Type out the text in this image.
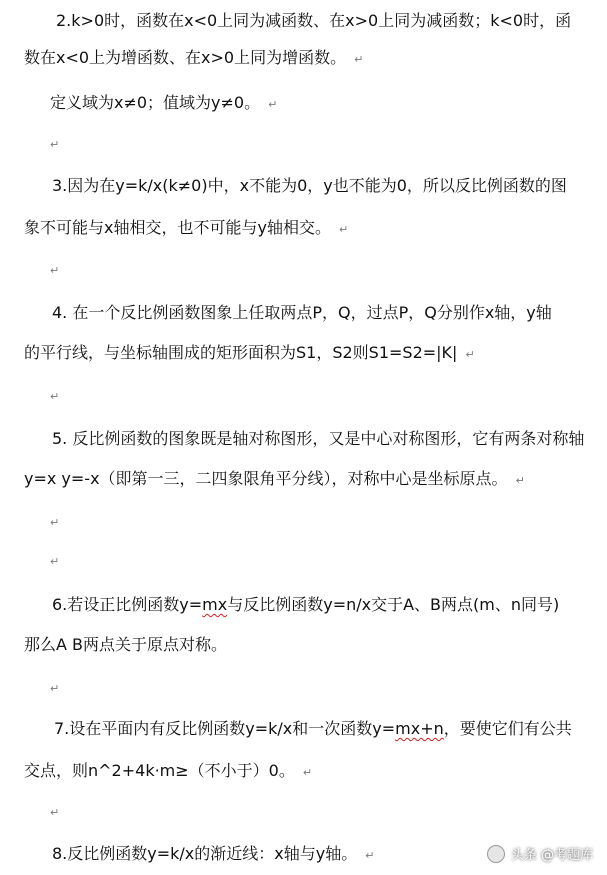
2.k>0时，函数在x<0上同为减函数、在x>0上同为减函数；k<0时，函
数在x<0上为增函数、在x>0上同为增函数。 ↵
定义域为x≠0；值域为y≠0。 ↵
↵
3.因为在y=k/x(k≠0)中，x不能为0，y也不能为0，所以反比例函数的图
象不可能与x轴相交，也不可能与y轴相交。 ↵
↵
4. 在一个反比例函数图象上任取两点P，Q，过点P，Q分别作x轴，y轴
的平行线，与坐标轴围成的矩形面积为S1，S2则S1=S2=|K| ↵
↵
5. 反比例函数的图象既是轴对称图形，又是中心对称图形，它有两条对称轴
y=x y=-x（即第一三，二四象限角平分线），对称中心是坐标原点。 ↵
↵
↵
6.若设正比例函数y=mx与反比例函数y=n/x交于A、B两点(m、n同号)
那么A B两点关于原点对称。
↵
7.设在平面内有反比例函数y=k/x和一次函数y=mx+n，要使它们有公共
交点，则n^2+4k·m≥（不小于）0。 ↵
↵
8.反比例函数y=k/x的渐近线：x轴与y轴。 ↵	头条 @考题库
